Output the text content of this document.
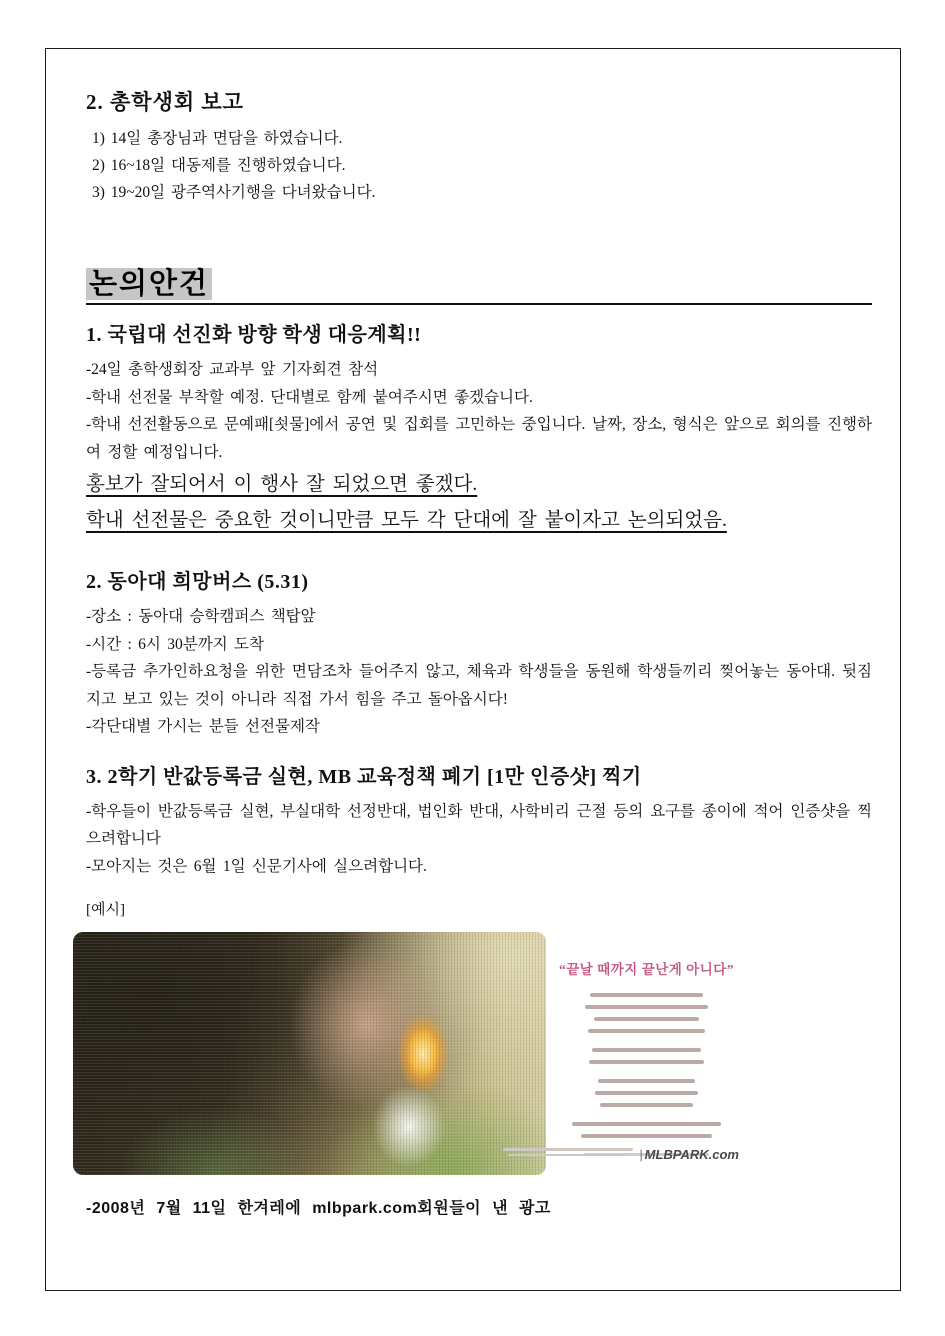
2. 총학생회 보고
1) 14일 총장님과 면담을 하였습니다.
2) 16~18일 대동제를 진행하였습니다.
3) 19~20일 광주역사기행을 다녀왔습니다.
논의안건
1. 국립대 선진화 방향 학생 대응계획!!

-24일 총학생회장 교과부 앞 기자회견 참석

-학내 선전물 부착할 예정. 단대별로 함께 붙여주시면 좋겠습니다.

-학내 선전활동으로 문예패[쇳물]에서 공연 및 집회를 고민하는 중입니다. 날짜, 장소, 형식은 앞으로 회의를 진행하여 정할 예정입니다.

홍보가 잘되어서 이 행사 잘 되었으면 좋겠다.

학내 선전물은 중요한 것이니만큼 모두 각 단대에 잘 붙이자고 논의되었음.

2. 동아대 희망버스 (5.31)

-장소 : 동아대 승학캠퍼스 책탑앞

-시간 : 6시 30분까지 도착

-등록금 추가인하요청을 위한 면담조차 들어주지 않고, 체육과 학생들을 동원해 학생들끼리 찢어놓는 동아대. 뒷짐 지고 보고 있는 것이 아니라 직접 가서 힘을 주고 돌아옵시다!

-각단대별 가시는 분들 선전물제작

3. 2학기 반값등록금 실현, MB 교육정책 폐기 [1만 인증샷] 찍기

-학우들이 반값등록금 실현, 부실대학 선정반대, 법인화 반대, 사학비리 근절 등의 요구를 종이에 적어 인증샷을 찍으려합니다

-모아지는 것은 6월 1일 신문기사에 실으려합니다.

[예시]
“끝날 때까지 끝난게 아니다”
| MLBPARK.com
-2008년 7월 11일 한겨레에 mlbpark.com회원들이 낸 광고
